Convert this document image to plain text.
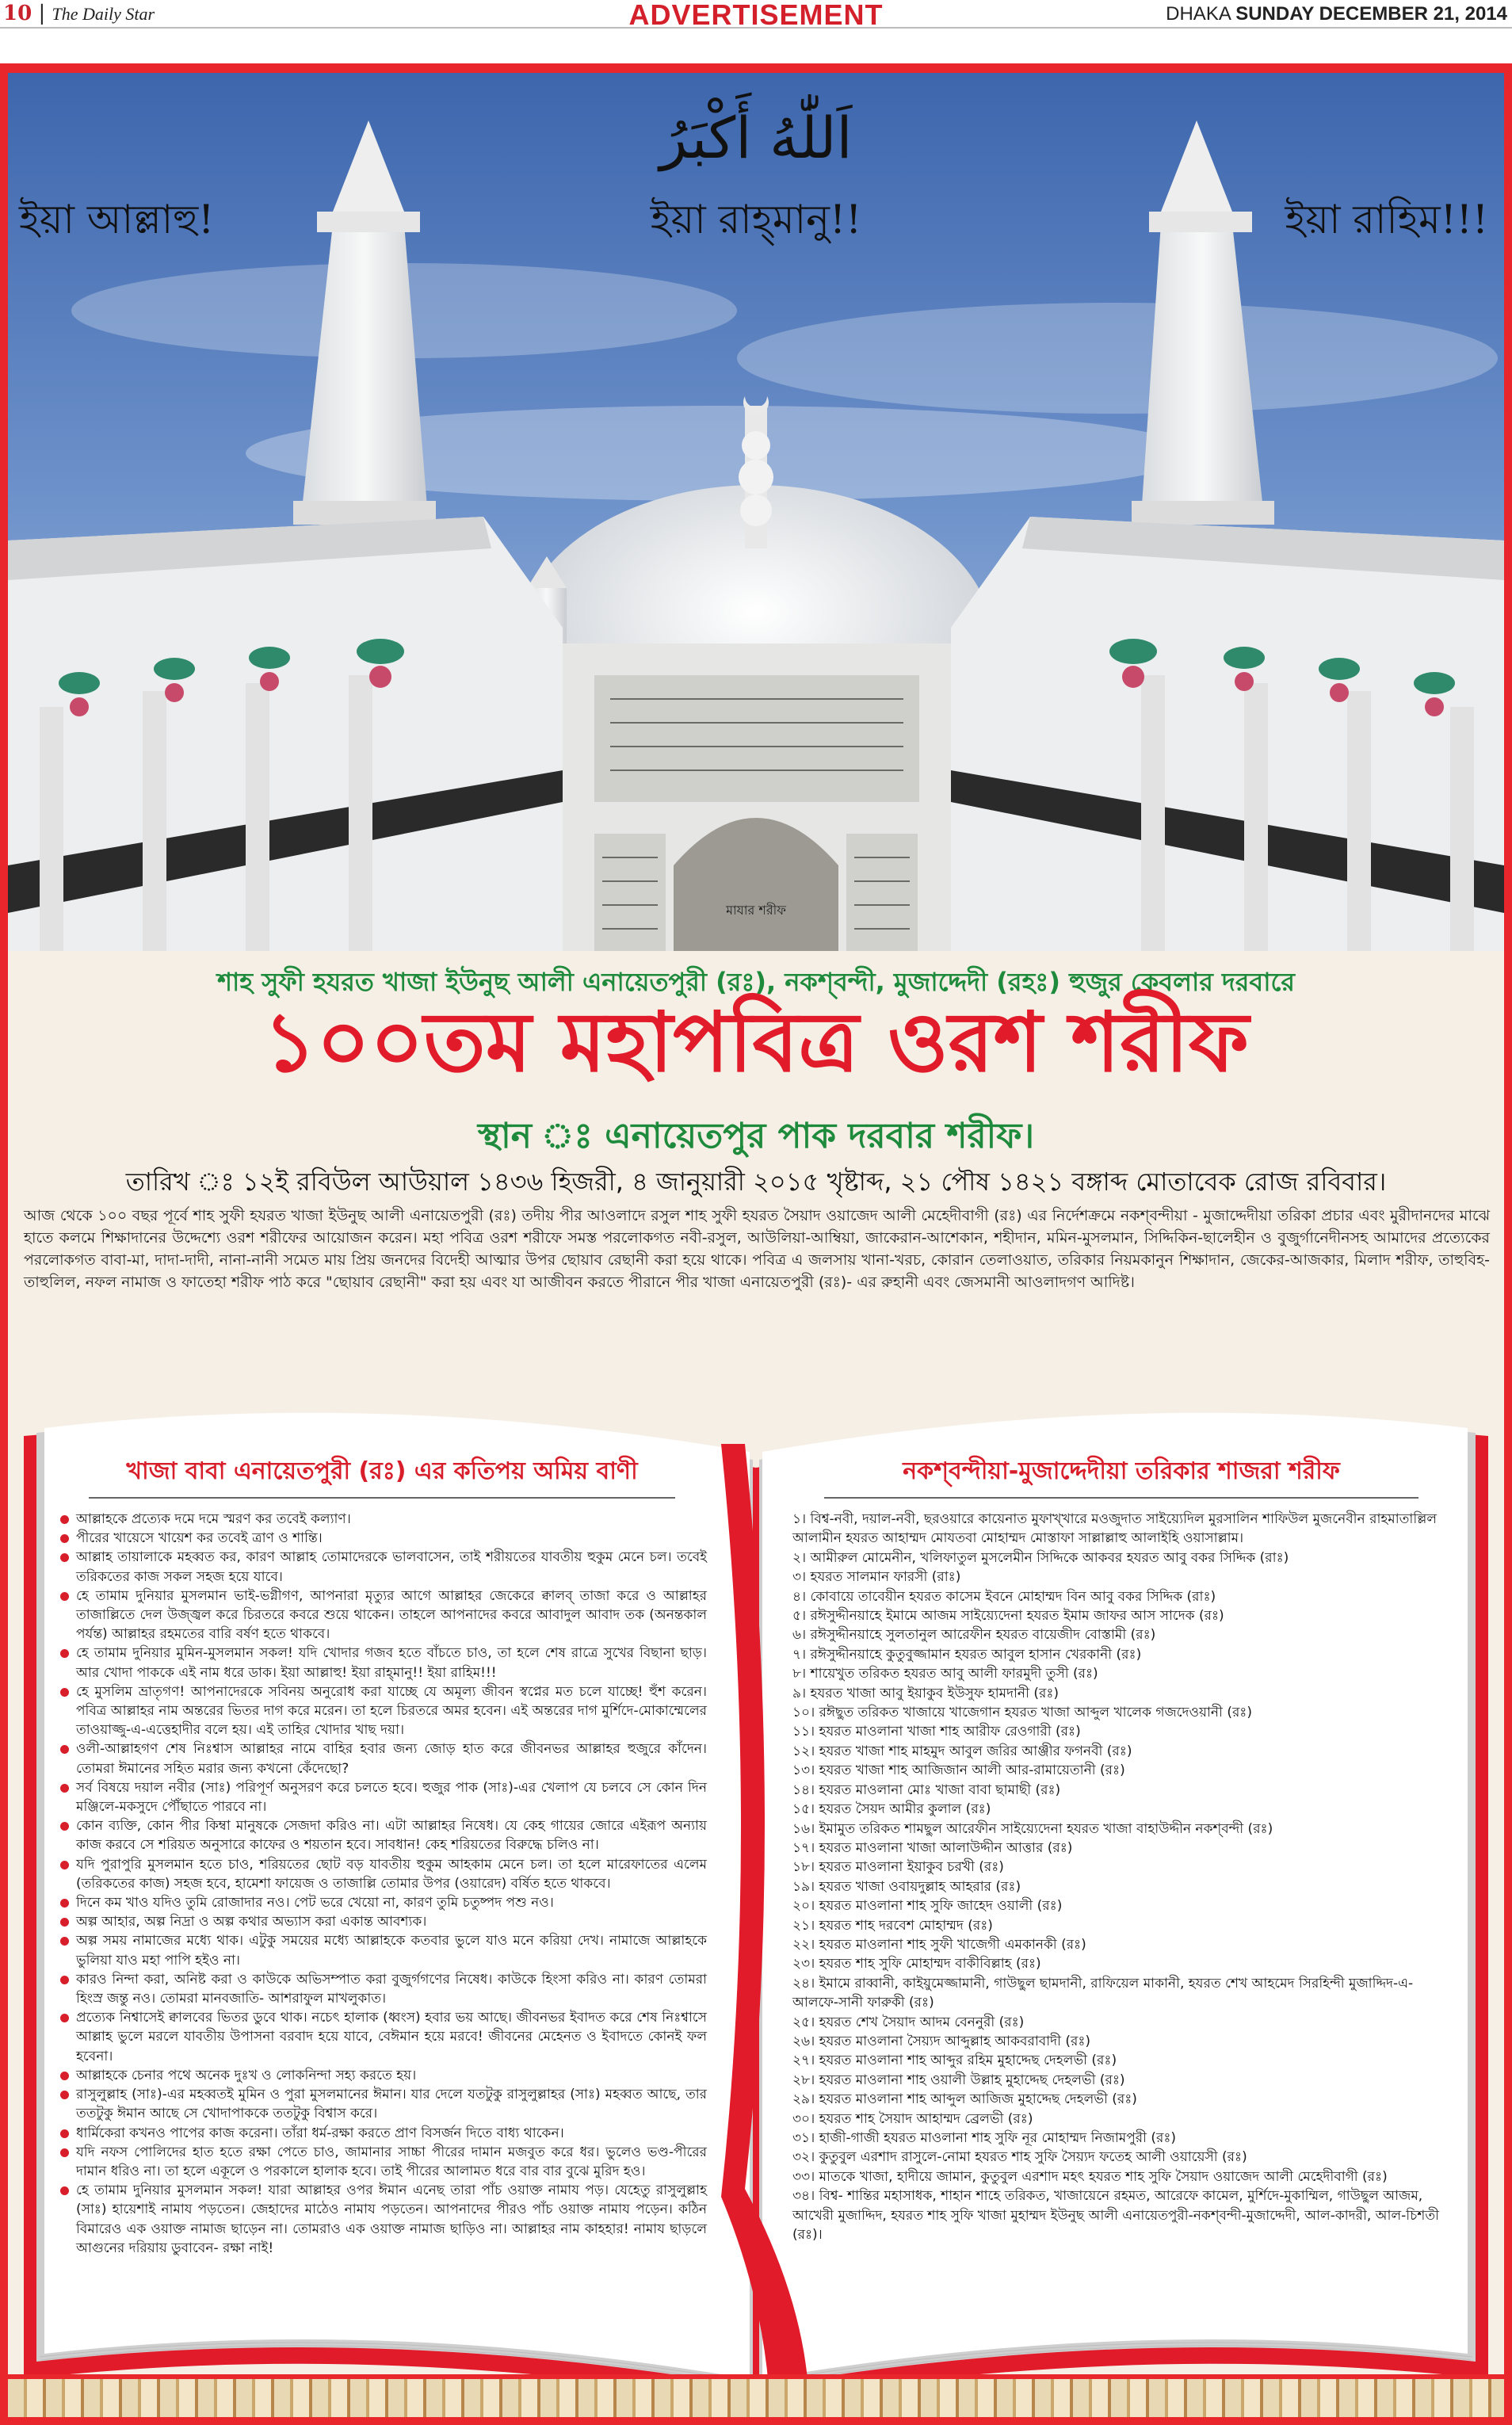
10 | The Daily Star	ADVERTISEMENT	DHAKA SUNDAY DECEMBER 21, 2014
মাযার শরীফ
اَللّٰهُ أَكْبَرُ
ইয়া আল্লাহু!	ইয়া রাহ্‌মানু!!	ইয়া রাহিম!!!
শাহ সুফী হযরত খাজা ইউনুছ আলী এনায়েতপুরী (রঃ), নকশ্‌বন্দী, মুজাদ্দেদী (রহঃ) হুজুর কেবলার দরবারে
১০০তম মহাপবিত্র ওরশ শরীফ
স্থান ঃ এনায়েতপুর পাক দরবার শরীফ।
তারিখ ঃ ১২ই রবিউল আউয়াল ১৪৩৬ হিজরী, ৪ জানুয়ারী ২০১৫ খৃষ্টাব্দ, ২১ পৌষ ১৪২১ বঙ্গাব্দ মোতাবেক রোজ রবিবার।
আজ থেকে ১০০ বছর পূর্বে শাহ সুফী হযরত খাজা ইউনুছ আলী এনায়েতপুরী (রঃ) তদীয় পীর আওলাদে রসুল শাহ সুফী হযরত সৈয়াদ ওয়াজেদ আলী মেহেদীবাগী (রঃ) এর নির্দেশক্রমে নকশ্‌বন্দীয়া - মুজাদ্দেদীয়া তরিকা প্রচার এবং মুরীদানদের মাঝে হাতে কলমে শিক্ষাদানের উদ্দেশ্যে ওরশ শরীফের আয়োজন করেন। মহা পবিত্র ওরশ শরীফে সমস্ত পরলোকগত নবী-রসুল, আউলিয়া-আম্বিয়া, জাকেরান-আশেকান, শহীদান, মমিন-মুসলমান, সিদ্দিকিন-ছালেহীন ও বুজুর্গানেদীনসহ আমাদের প্রত্যেকের পরলোকগত বাবা-মা, দাদা-দাদী, নানা-নানী সমেত মায় প্রিয় জনদের বিদেহী আত্মার উপর ছোয়াব রেছানী করা হয়ে থাকে। পবিত্র এ জলসায় খানা-খরচ, কোরান তেলাওয়াত, তরিকার নিয়মকানুন শিক্ষাদান, জেকের-আজকার, মিলাদ শরীফ, তাহুবিহ-তাহুলিল, নফল নামাজ ও ফাতেহা শরীফ পাঠ করে "ছোয়াব রেছানী" করা হয় এবং যা আজীবন করতে পীরানে পীর খাজা এনায়েতপুরী (রঃ)- এর রুহানী এবং জেসমানী আওলাদগণ আদিষ্ট।
খাজা বাবা এনায়েতপুরী (রঃ) এর কতিপয় অমিয় বাণী
আল্লাহকে প্রত্যেক দমে দমে স্মরণ কর তবেই কল্যাণ।
পীরের খায়েসে খায়েশ কর তবেই ত্রাণ ও শান্তি।
আল্লাহ তায়ালাকে মহব্বত কর, কারণ আল্লাহ তোমাদেরকে ভালবাসেন, তাই শরীয়তের যাবতীয় হুকুম মেনে চল। তবেই তরিকতের কাজ সকল সহজ হয়ে যাবে।
হে তামাম দুনিয়ার মুসলমান ভাই-ভগ্নীগণ, আপনারা মৃত্যুর আগে আল্লাহর জেকেরে ক্বালব্ তাজা করে ও আল্লাহর তাজাল্লিতে দেল উজ্জ্বল করে চিরতরে কবরে শুয়ে থাকেন। তাহলে আপনাদের কবরে আবাদুল আবাদ তক (অনন্তকাল পর্যন্ত) আল্লাহর রহমতের বারি বর্ষণ হতে থাকবে।
হে তামাম দুনিয়ার মুমিন-মুসলমান সকল! যদি খোদার গজব হতে বাঁচতে চাও, তা হলে শেষ রাত্রে সুখের বিছানা ছাড়। আর খোদা পাককে এই নাম ধরে ডাক। ইয়া আল্লাহু! ইয়া রাহ্‌মানু!! ইয়া রাহিম!!!
হে মুসলিম ভ্রাতৃগণ! আপনাদেরকে সবিনয় অনুরোধ করা যাচ্ছে যে অমূল্য জীবন স্বপ্নের মত চলে যাচ্ছে! হুঁশ করেন। পবিত্র আল্লাহর নাম অন্তরের ভিতর দাগ করে মরেন। তা হলে চিরতরে অমর হবেন। এই অন্তরের দাগ মুর্শিদে-মোকাম্মেলের তাওয়াজ্জু-এ-এত্তেহাদীর বলে হয়। এই তাহির খোদার খাছ দয়া।
ওলী-আল্লাহগণ শেষ নিঃশ্বাস আল্লাহর নামে বাহির হবার জন্য জোড় হাত করে জীবনভর আল্লাহর হুজুরে কাঁদেন। তোমরা ঈমানের সহিত মরার জন্য কখনো কেঁদেছো?
সর্ব বিষয়ে দয়াল নবীর (সাঃ) পরিপূর্ণ অনুসরণ করে চলতে হবে। হুজুর পাক (সাঃ)-এর খেলাপ যে চলবে সে কোন দিন মঞ্জিলে-মকসুদে পৌঁছাতে পারবে না।
কোন ব্যক্তি, কোন পীর কিম্বা মানুষকে সেজদা করিও না। এটা আল্লাহর নিষেধ। যে কেহ গায়ের জোরে এইরূপ অন্যায় কাজ করবে সে শরিয়ত অনুসারে কাফের ও শয়তান হবে। সাবধান! কেহ শরিয়তের বিরুদ্ধে চলিও না।
যদি পুরাপুরি মুসলমান হতে চাও, শরিয়তের ছোট বড় যাবতীয় হুকুম আহকাম মেনে চল। তা হলে মারেফাতের এলেম (তরিকতের কাজ) সহজ হবে, হামেশা ফায়েজ ও তাজাল্লি তোমার উপর (ওয়ারেদ) বর্ষিত হতে থাকবে।
দিনে কম খাও যদিও তুমি রোজাদার নও। পেট ভরে খেয়ো না, কারণ তুমি চতুষ্পদ পশু নও।
অল্প আহার, অল্প নিদ্রা ও অল্প কথার অভ্যাস করা একান্ত আবশ্যক।
অল্প সময় নামাজের মধ্যে থাক। এটুকু সময়ের মধ্যে আল্লাহকে কতবার ভুলে যাও মনে করিয়া দেখ। নামাজে আল্লাহকে ভুলিয়া যাও মহা পাপি হইও না।
কারও নিন্দা করা, অনিষ্ট করা ও কাউকে অভিসম্পাত করা বুজুর্গগণের নিষেধ। কাউকে হিংসা করিও না। কারণ তোমরা হিংস্র জন্তু নও। তোমরা মানবজাতি- আশরাফুল মাখলুকাত।
প্রত্যেক নিশ্বাসেই ক্বালবের ভিতর ডুবে থাক। নচেৎ হালাক (ধ্বংস) হবার ভয় আছে। জীবনভর ইবাদত করে শেষ নিঃশ্বাসে আল্লাহ ভুলে মরলে যাবতীয় উপাসনা বরবাদ হয়ে যাবে, বেঈমান হয়ে মরবে! জীবনের মেহেনত ও ইবাদতে কোনই ফল হবেনা।
আল্লাহকে চেনার পথে অনেক দুঃখ ও লোকনিন্দা সহ্য করতে হয়।
রাসুলুল্লাহ (সাঃ)-এর মহব্বতই মুমিন ও পুরা মুসলমানের ঈমান। যার দেলে যতটুকু রাসুলুল্লাহর (সাঃ) মহব্বত আছে, তার ততটুকু ঈমান আছে সে খোদাপাককে ততটুকু বিশ্বাস করে।
ধার্মিকেরা কখনও পাপের কাজ করেনা। তাঁরা ধর্ম-রক্ষা করতে প্রাণ বিসর্জন দিতে বাধ্য থাকেন।
যদি নফস পোলিদের হাত হতে রক্ষা পেতে চাও, জামানার সাচ্চা পীরের দামান মজবুত করে ধর। ভুলেও ভণ্ড-পীরের দামান ধরিও না। তা হলে একূলে ও পরকালে হালাক হবে। তাই পীরের আলামত ধরে বার বার বুঝে মুরিদ হও।
হে তামাম দুনিয়ার মুসলমান সকল! যারা আল্লাহর ওপর ঈমান এনেছ তারা পাঁচ ওয়াক্ত নামায পড়। যেহেতু রাসুলুল্লাহ (সাঃ) হায়েশাই নামায পড়তেন। জেহাদের মাঠেও নামায পড়তেন। আপনাদের পীরও পাঁচ ওয়াক্ত নামায পড়েন। কঠিন বিমারেও এক ওয়াক্ত নামাজ ছাড়েন না। তোমরাও এক ওয়াক্ত নামাজ ছাড়িও না। আল্লাহর নাম কাহহার! নামায ছাড়লে আগুনের দরিয়ায় ডুবাবেন- রক্ষা নাই!
নকশ্‌বন্দীয়া-মুজাদ্দেদীয়া তরিকার শাজরা শরীফ
১। বিশ্ব-নবী, দয়াল-নবী, ছরওয়ারে কায়েনাত মুফাখ্‌খারে মওজুদাত সাইয়্যেদিল মুরসালিন শাফিউল মুজনেবীন রাহমাতাল্লিল আলামীন হযরত আহাম্মদ মোযতবা মোহাম্মদ মোস্তাফা সাল্লাল্লাহু আলাইহি ওয়াসাল্লাম।
২। আমীরুল মোমেনীন, খলিফাতুল মুসলেমীন সিদ্দিকে আকবর হযরত আবু বকর সিদ্দিক (রাঃ)
৩। হযরত সালমান ফারসী (রাঃ)
৪। কোবায়ে তাবেয়ীন হযরত কাসেম ইবনে মোহাম্মদ বিন আবু বকর সিদ্দিক (রাঃ)
৫। রঈসুদ্দীনয়াহে ইমামে আজম সাইয়্যেদেনা হযরত ইমাম জাফর আস সাদেক (রঃ)
৬। রঈসুদ্দীনয়াহে সুলতানুল আরেফীন হযরত বায়েজীদ বোস্তামী (রঃ)
৭। রঈসুদ্দীনয়াহে কুতুবুজ্জামান হযরত আবুল হাসান খেরকানী (রঃ)
৮। শায়েখুত তরিকত হযরত আবু আলী ফারমুদী তুসী (রঃ)
৯। হযরত খাজা আবু ইয়াকুব ইউসুফ হামদানী (রঃ)
১০। রঈছুত তরিকত খাজায়ে খাজেগান হযরত খাজা আব্দুল খালেক গজদেওয়ানী (রঃ)
১১। হযরত মাওলানা খাজা শাহ আরীফ রেওগারী (রঃ)
১২। হযরত খাজা শাহ মাহমুদ আবুল জরির আঞ্জীর ফগনবী (রঃ)
১৩। হযরত খাজা শাহ আজিজান আলী আর-রামায়েতানী (রঃ)
১৪। হযরত মাওলানা মোঃ খাজা বাবা ছামাছী (রঃ)
১৫। হযরত সৈয়দ আমীর কুলাল (রঃ)
১৬। ইমামুত তরিকত শামছুল আরেফীন সাইয়্যেদেনা হযরত খাজা বাহাউদ্দীন নকশ্‌বন্দী (রঃ)
১৭। হযরত মাওলানা খাজা আলাউদ্দীন আত্তার (রঃ)
১৮। হযরত মাওলানা ইয়াকুব চরখী (রঃ)
১৯। হযরত খাজা ওবায়দুল্লাহ আহরার (রঃ)
২০। হযরত মাওলানা শাহ সুফি জাহেদ ওয়ালী (রঃ)
২১। হযরত শাহ দরবেশ মোহাম্মদ (রঃ)
২২। হযরত মাওলানা শাহ সুফী খাজেগী এমকানকী (রঃ)
২৩। হযরত শাহ সুফি মোহাম্মদ বাকীবিল্লাহ (রঃ)
২৪। ইমামে রাব্বানী, কাইয়ুমেজ্জামানী, গাউছুল ছামদানী, রাফিয়েল মাকানী, হযরত শেখ আহমেদ সিরহিন্দী মুজাদ্দিদ-এ-আলফে-সানী ফারুকী (রঃ)
২৫। হযরত শেখ সৈয়াদ আদম বেননুরী (রঃ)
২৬। হযরত মাওলানা সৈয়্যদ আব্দুল্লাহ আকবরাবাদী (রঃ)
২৭। হযরত মাওলানা শাহ আব্দুর রহিম মুহাদ্দেছ দেহলভী (রঃ)
২৮। হযরত মাওলানা শাহ ওয়ালী উল্লাহ মুহাদ্দেছ দেহলভী (রঃ)
২৯। হযরত মাওলানা শাহ আব্দুল আজিজ মুহাদ্দেছ দেহলভী (রঃ)
৩০। হযরত শাহ সৈয়াদ আহাম্মদ ব্রেলভী (রঃ)
৩১। হাজী-গাজী হযরত মাওলানা শাহ সুফি নূর মোহাম্মদ নিজামপুরী (রঃ)
৩২। কুতুবুল এরশাদ রাসুলে-নোমা হযরত শাহ সুফি সৈয়্যদ ফতেহ আলী ওয়ায়েসী (রঃ)
৩৩। মাতকে খাজা, হাদীয়ে জামান, কুতুবুল এরশাদ মহৎ হযরত শাহ সুফি সৈয়াদ ওয়াজেদ আলী মেহেদীবাগী (রঃ)
৩৪। বিশ্ব- শান্তির মহাসাধক, শাহান শাহে তরিকত, খাজায়েনে রহমত, আরেফে কামেল, মুর্শিদে-মুকাম্মিল, গাউছুল আজম, আখেরী মুজাদ্দিদ, হযরত শাহ সুফি খাজা মুহাম্মদ ইউনুছ আলী এনায়েতপুরী-নকশ্‌বন্দী-মুজাদ্দেদী, আল-কাদরী, আল-চিশতী (রঃ)।
